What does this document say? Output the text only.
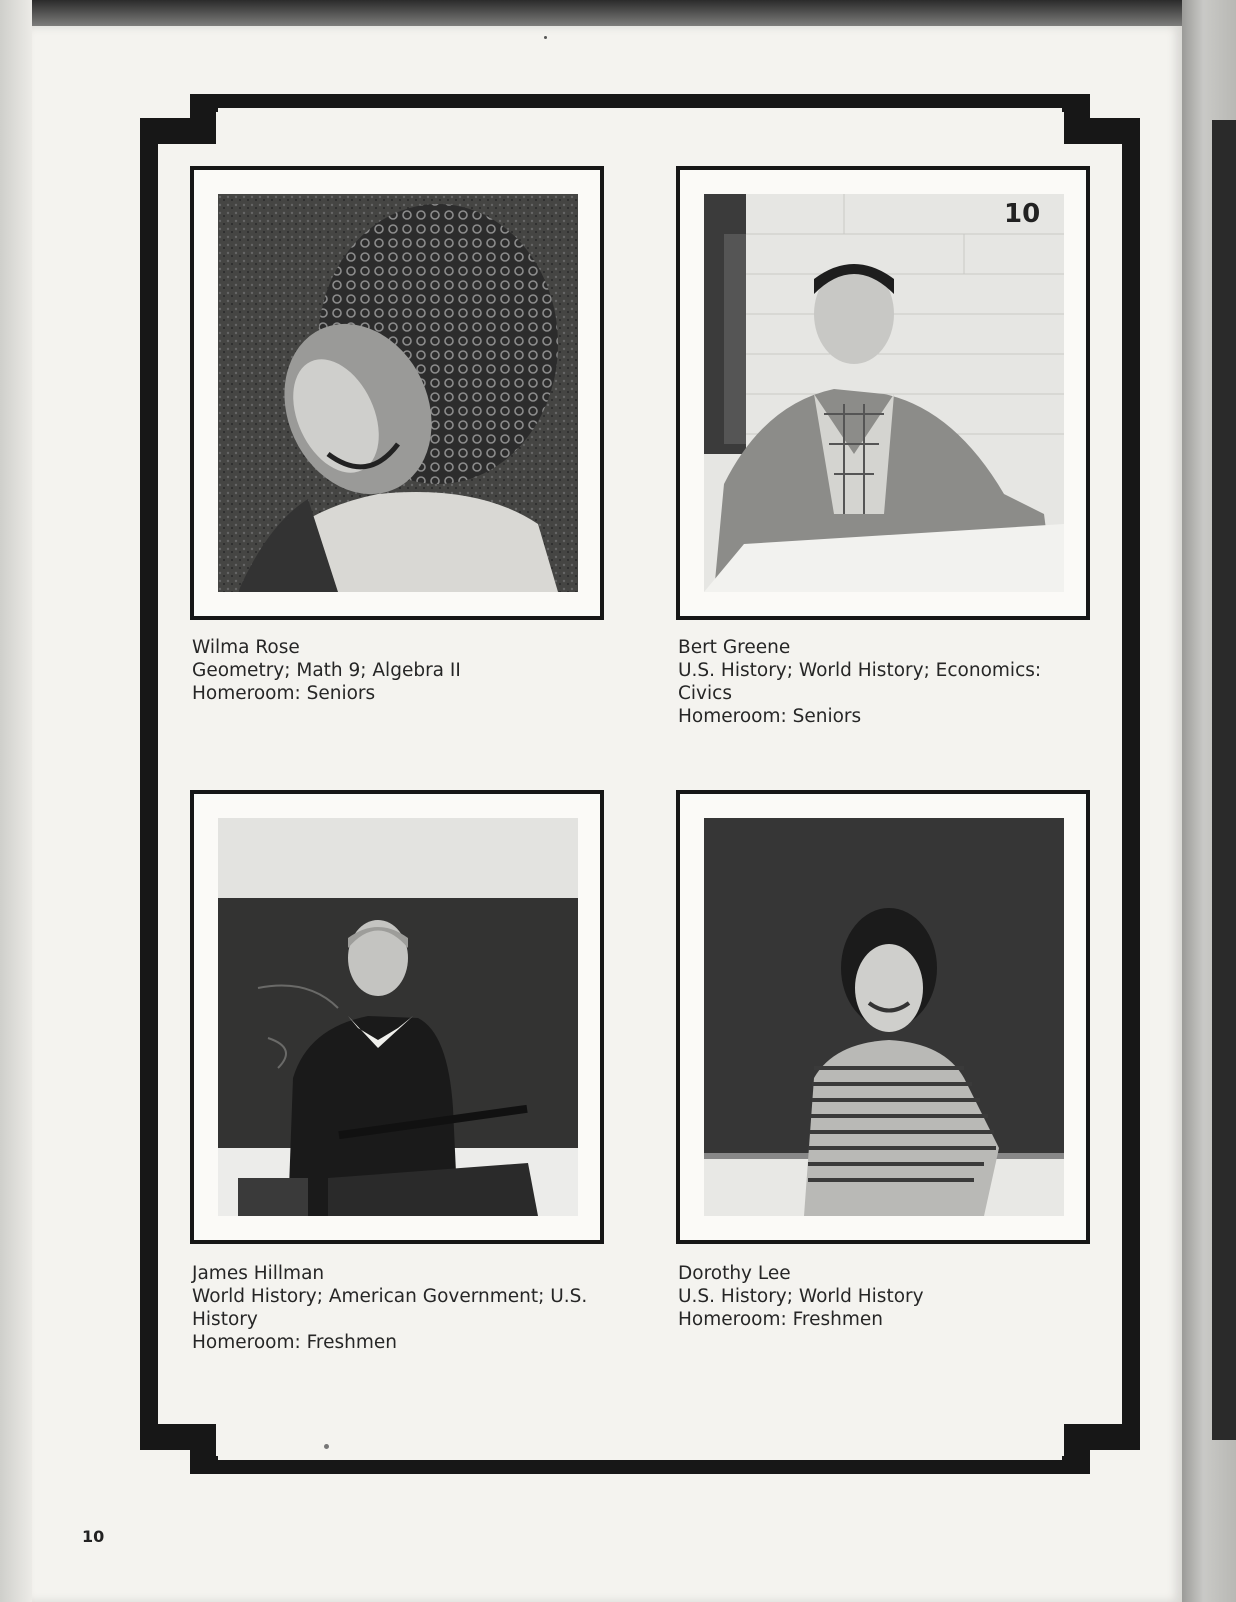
Wilma Rose
Geometry; Math 9; Algebra II
Homeroom: Seniors
10
Bert Greene
U.S. History; World History; Economics: Civics
Homeroom: Seniors
James Hillman
World History; American Government; U.S. History
Homeroom: Freshmen
Dorothy Lee
U.S. History; World History
Homeroom: Freshmen
10
